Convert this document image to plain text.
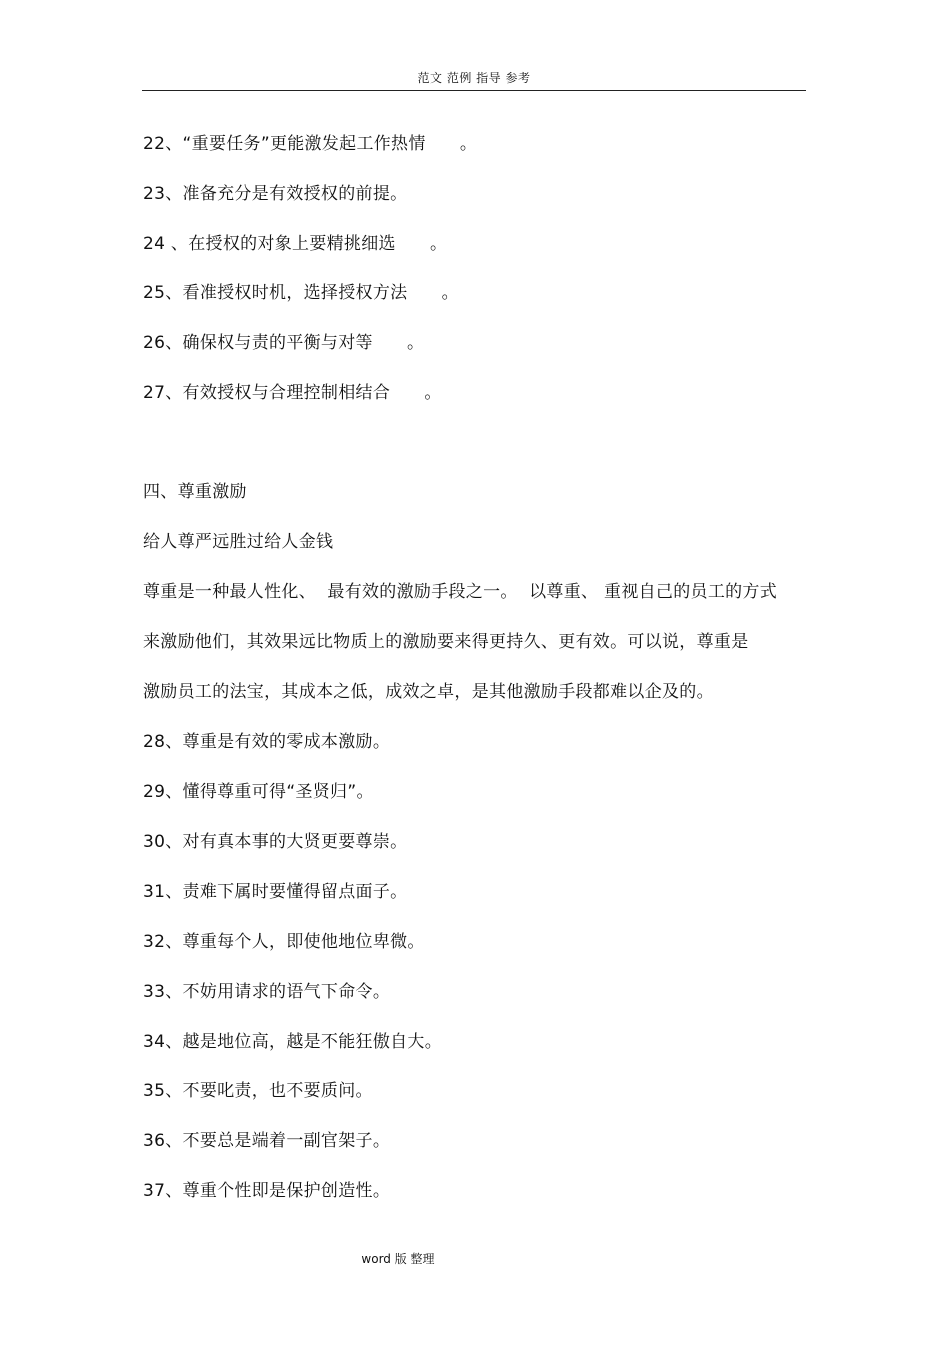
范文 范例 指导 参考
22、“重要任务”更能激发起工作热情      。
23、准备充分是有效授权的前提。
24 、在授权的对象上要精挑细选      。
25、看准授权时机，选择授权方法      。
26、确保权与责的平衡与对等      。
27、有效授权与合理控制相结合      。
四、尊重激励
给人尊严远胜过给人金钱
尊重是一种最人性化、  最有效的激励手段之一。  以尊重、 重视自己的员工的方式
来激励他们，其效果远比物质上的激励要来得更持久、更有效。可以说，尊重是
激励员工的法宝，其成本之低，成效之卓，是其他激励手段都难以企及的。
28、尊重是有效的零成本激励。
29、懂得尊重可得“圣贤归”。
30、对有真本事的大贤更要尊崇。
31、责难下属时要懂得留点面子。
32、尊重每个人，即使他地位卑微。
33、不妨用请求的语气下命令。
34、越是地位高，越是不能狂傲自大。
35、不要叱责，也不要质问。
36、不要总是端着一副官架子。
37、尊重个性即是保护创造性。
word 版 整理
